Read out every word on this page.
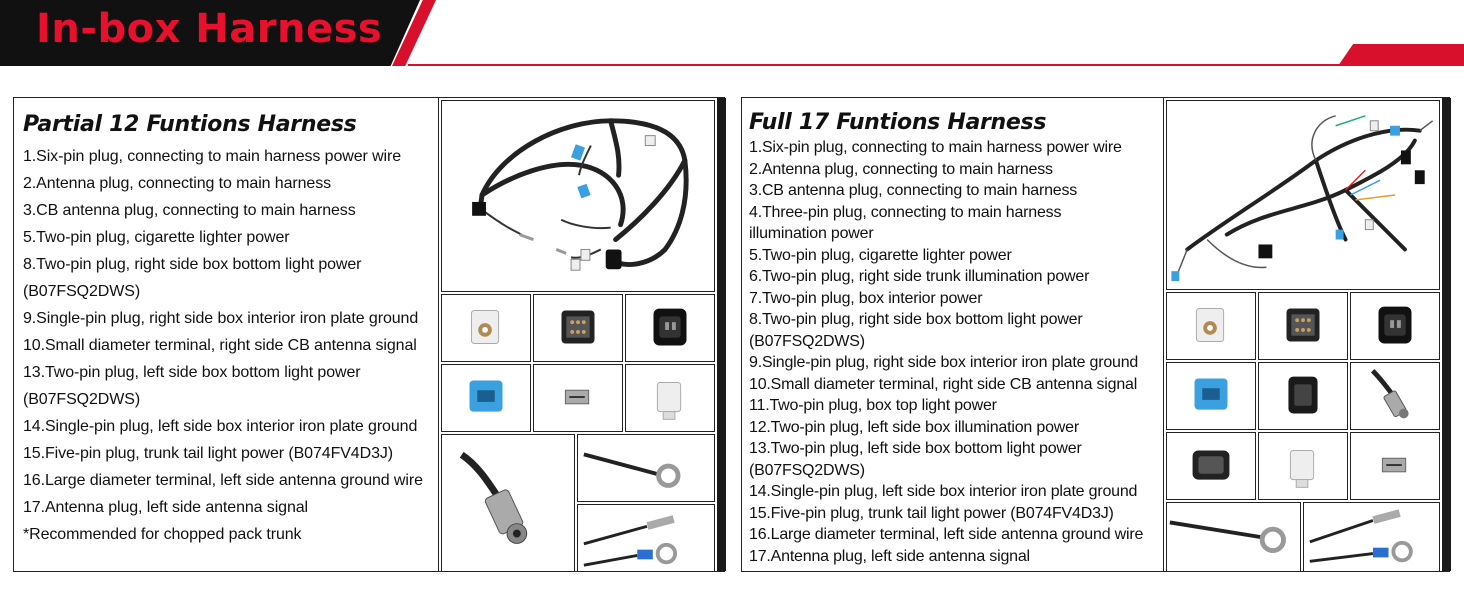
In-box Harness
Partial 12 Funtions Harness
1.Six-pin plug, connecting to main harness power wire
2.Antenna plug, connecting to main harness
3.CB antenna plug, connecting to main harness
5.Two-pin plug, cigarette lighter power
8.Two-pin plug, right side box bottom light power
(B07FSQ2DWS)
9.Single-pin plug, right side box interior iron plate ground
10.Small diameter terminal, right side CB antenna signal
13.Two-pin plug, left side box bottom light power
(B07FSQ2DWS)
14.Single-pin plug, left side box interior iron plate ground
15.Five-pin plug, trunk tail light power (B074FV4D3J)
16.Large diameter terminal, left side antenna ground wire
17.Antenna plug, left side antenna signal
*Recommended for chopped pack trunk
Full 17 Funtions Harness
1.Six-pin plug, connecting to main harness power wire
2.Antenna plug, connecting to main harness
3.CB antenna plug, connecting to main harness
4.Three-pin plug, connecting to main harness
illumination power
5.Two-pin plug, cigarette lighter power
6.Two-pin plug, right side trunk illumination power
7.Two-pin plug, box interior power
8.Two-pin plug, right side box bottom light power
(B07FSQ2DWS)
9.Single-pin plug, right side box interior iron plate ground
10.Small diameter terminal, right side CB antenna signal
11.Two-pin plug, box top light power
12.Two-pin plug, left side box illumination power
13.Two-pin plug, left side box bottom light power
(B07FSQ2DWS)
14.Single-pin plug, left side box interior iron plate ground
15.Five-pin plug, trunk tail light power (B074FV4D3J)
16.Large diameter terminal, left side antenna ground wire
17.Antenna plug, left side antenna signal
